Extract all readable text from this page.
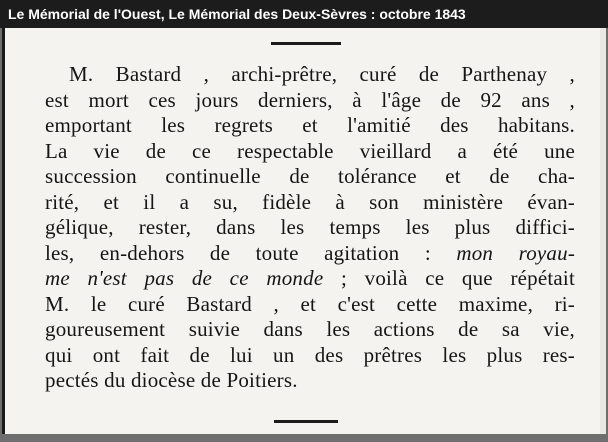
Le Mémorial de l'Ouest, Le Mémorial des Deux-Sèvres : octobre 1843
M. Bastard , archi-prêtre, curé de Parthenay ,
est mort ces jours derniers, à l'âge de 92 ans ,
emportant les regrets et l'amitié des habitans.
La vie de ce respectable vieillard a été une
succession continuelle de tolérance et de cha-
rité, et il a su, fidèle à son ministère évan-
gélique, rester, dans les temps les plus diffici-
les, en-dehors de toute agitation : mon royau-
me n'est pas de ce monde ; voilà ce que répétait
M. le curé Bastard , et c'est cette maxime, ri-
goureusement suivie dans les actions de sa vie,
qui ont fait de lui un des prêtres les plus res-
pectés du diocèse de Poitiers.
